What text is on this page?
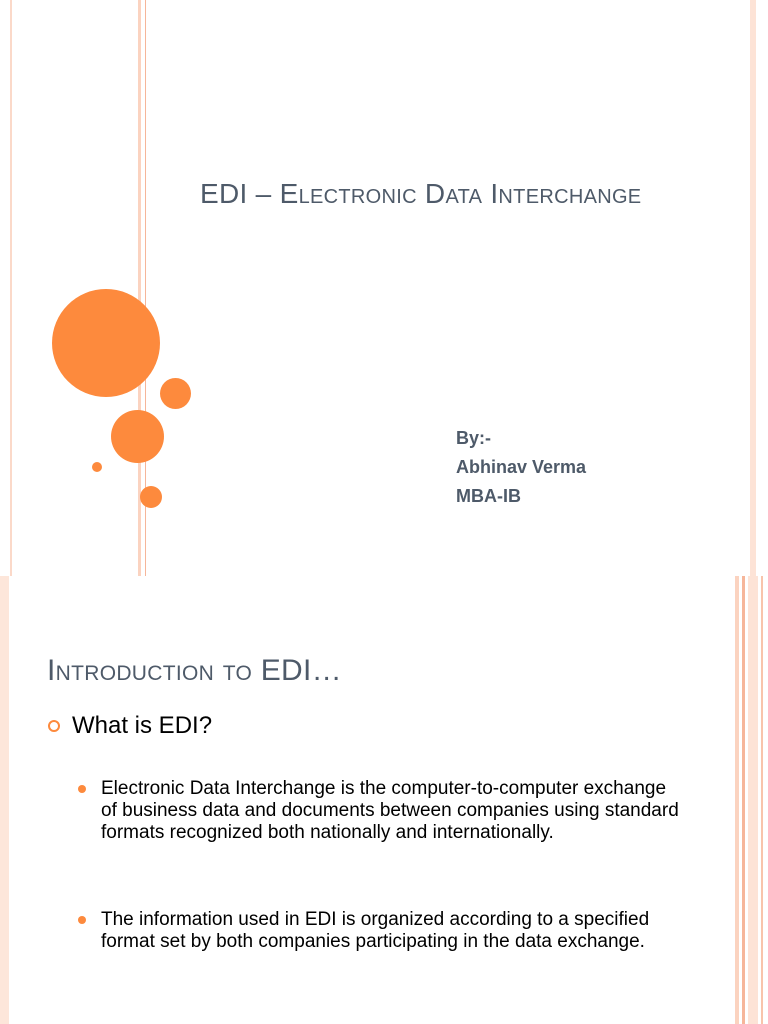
EDI – Electronic Data Interchange
By:-
Abhinav Verma
MBA-IB
Introduction to EDI…
What is EDI?
Electronic Data Interchange is the computer-to-computer exchange of business data and documents between companies using standard formats recognized both nationally and internationally.
The information used in EDI is organized according to a specified format set by both companies participating in the data exchange.
